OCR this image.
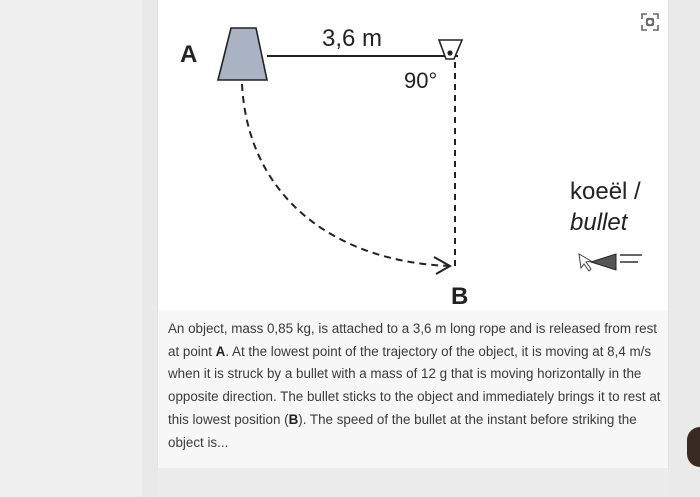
A
3,6 m
90°
B
koeël /
bullet

An object, mass 0,85 kg, is attached to a 3,6 m long rope and is released from rest at point A. At the lowest point of the trajectory of the object, it is moving at 8,4 m/s when it is struck by a bullet with a mass of 12 g that is moving horizontally in the opposite direction. The bullet sticks to the object and immediately brings it to rest at this lowest position (B). The speed of the bullet at the instant before striking the object is...
